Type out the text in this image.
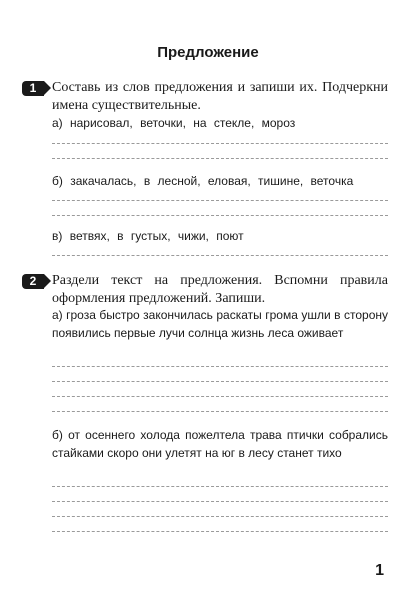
Предложение
1	Составь из слов предложения и запиши их. Подчеркни имена существительные.
а) нарисовал, веточки, на стекле, мороз
б) закачалась, в лесной, еловая, тишине, веточка
в) ветвях, в густых, чижи, поют
2	Раздели текст на предложения. Вспомни правила оформления предложений. Запиши.
а) гроза быстро закончилась раскаты грома ушли в сторону появились первые лучи солнца жизнь леса оживает
б) от осеннего холода пожелтела трава птички собрались стайками скоро они улетят на юг в лесу станет тихо
1
